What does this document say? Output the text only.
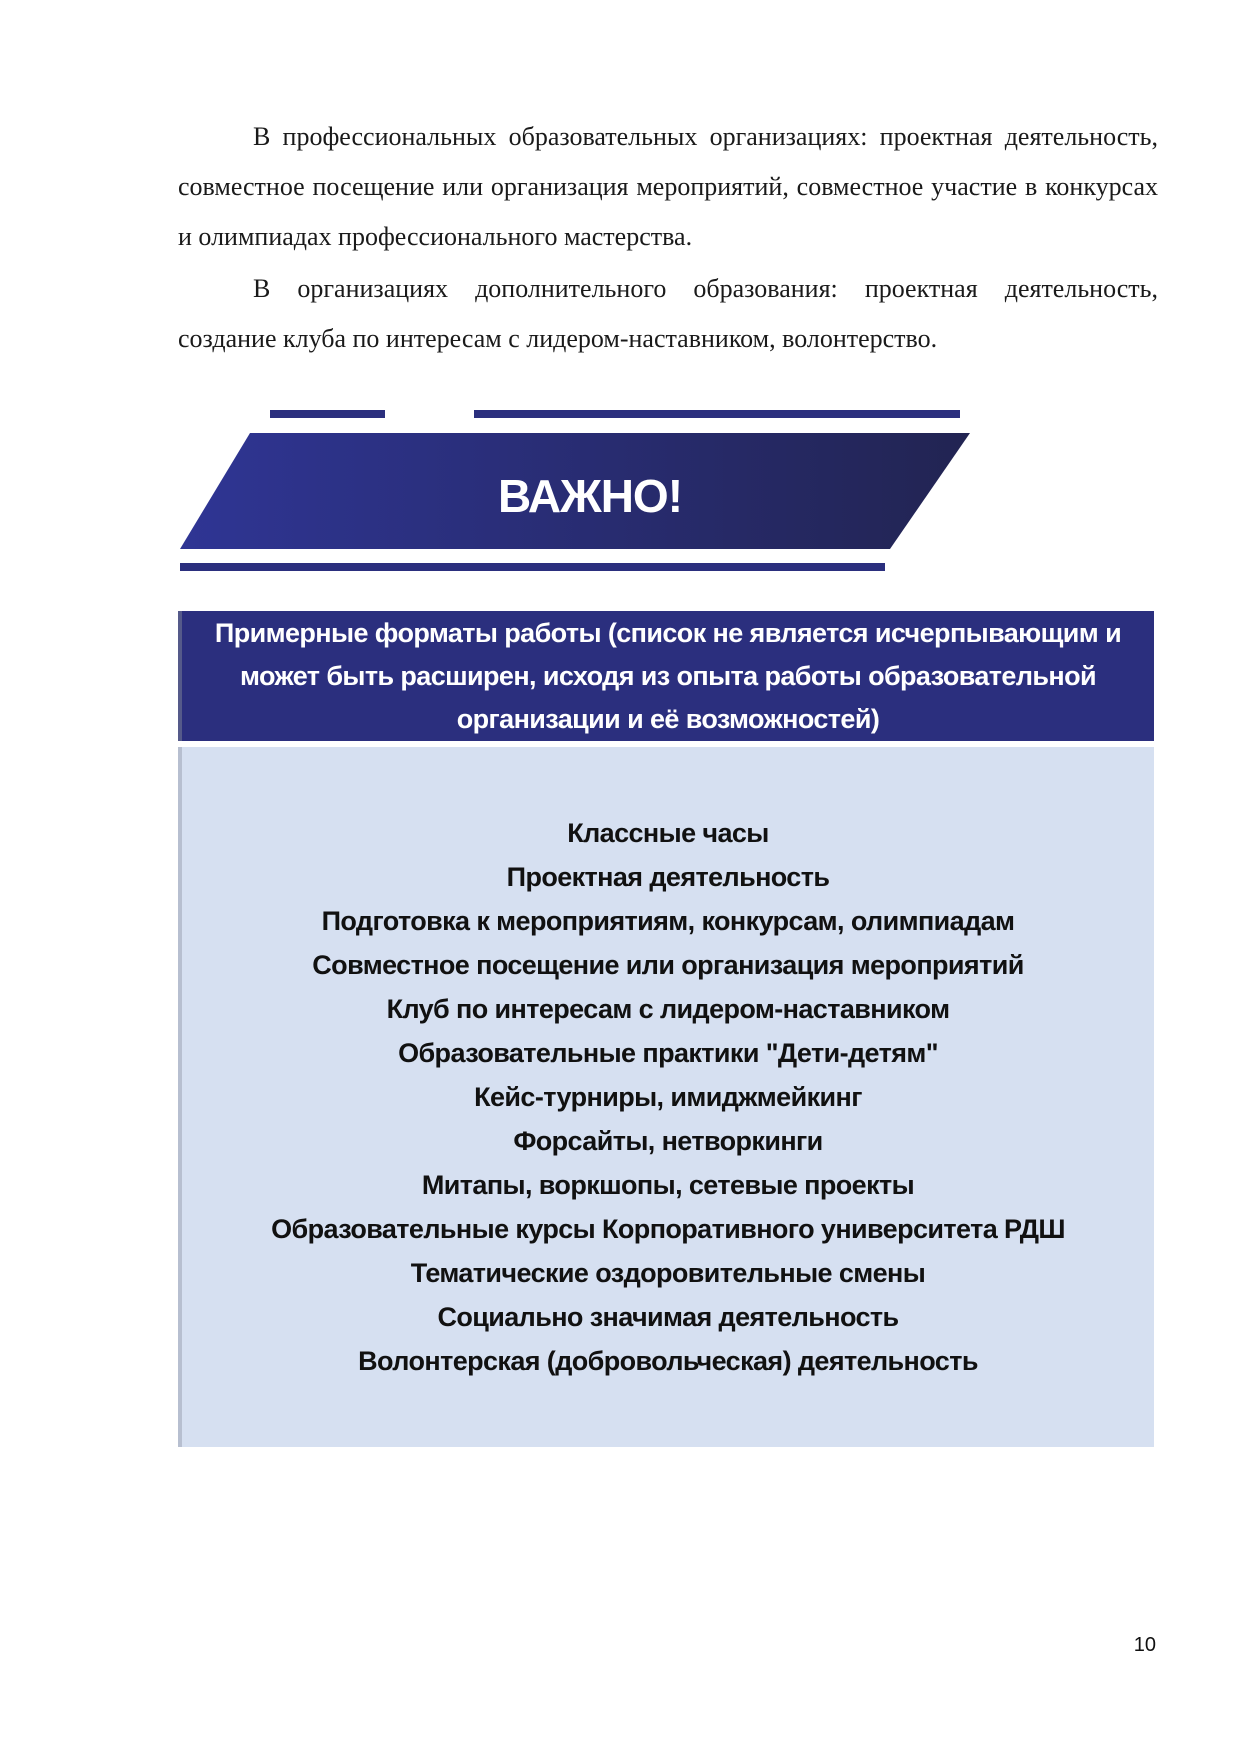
В профессиональных образовательных организациях: проектная деятельность, совместное посещение или организация мероприятий, совместное участие в конкурсах и олимпиадах профессионального мастерства.

В организациях дополнительного образования: проектная деятельность, создание клуба по интересам с лидером-наставником, волонтерство.

ВАЖНО!
Примерные форматы работы (список не является исчерпывающим и может быть расширен, исходя из опыта работы образовательной организации и её возможностей)
Классные часы
Проектная деятельность
Подготовка к мероприятиям, конкурсам, олимпиадам
Совместное посещение или организация мероприятий
Клуб по интересам с лидером-наставником
Образовательные практики "Дети-детям"
Кейс-турниры, имиджмейкинг
Форсайты, нетворкинги
Митапы, воркшопы, сетевые проекты
Образовательные курсы Корпоративного университета РДШ
Тематические оздоровительные смены
Социально значимая деятельность
Волонтерская (добровольческая) деятельность
10
